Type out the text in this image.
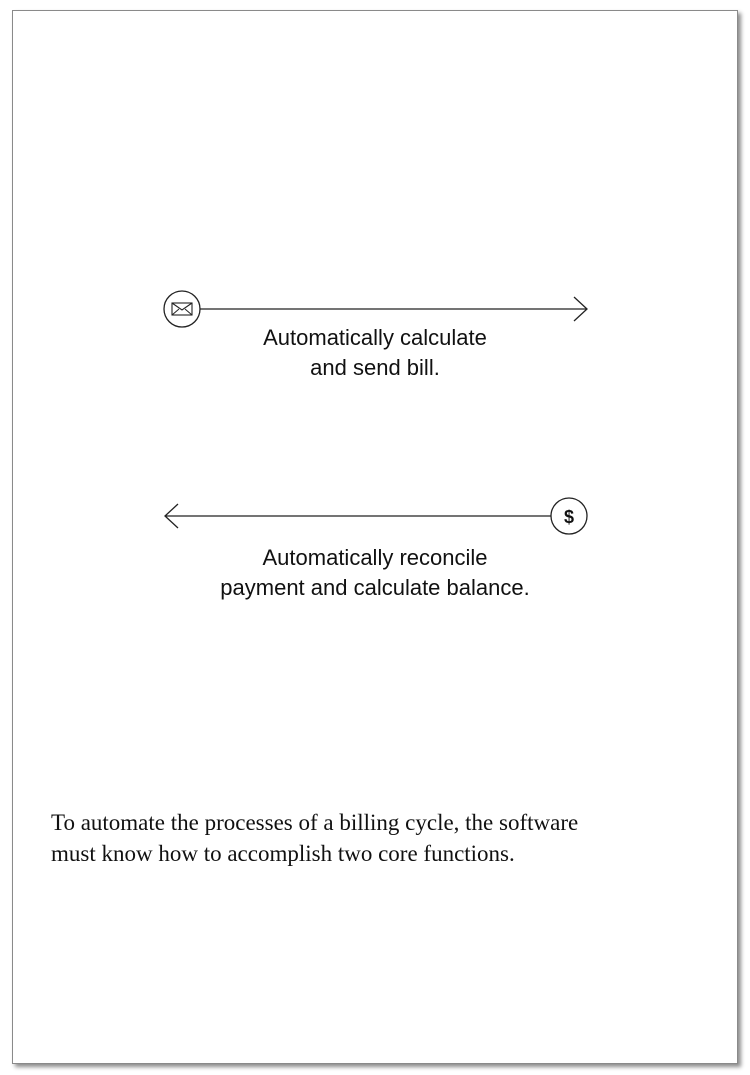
$
Automatically calculate
and send bill.
Automatically reconcile
payment and calculate balance.
To automate the processes of a billing cycle, the software
must know how to accomplish two core functions.
